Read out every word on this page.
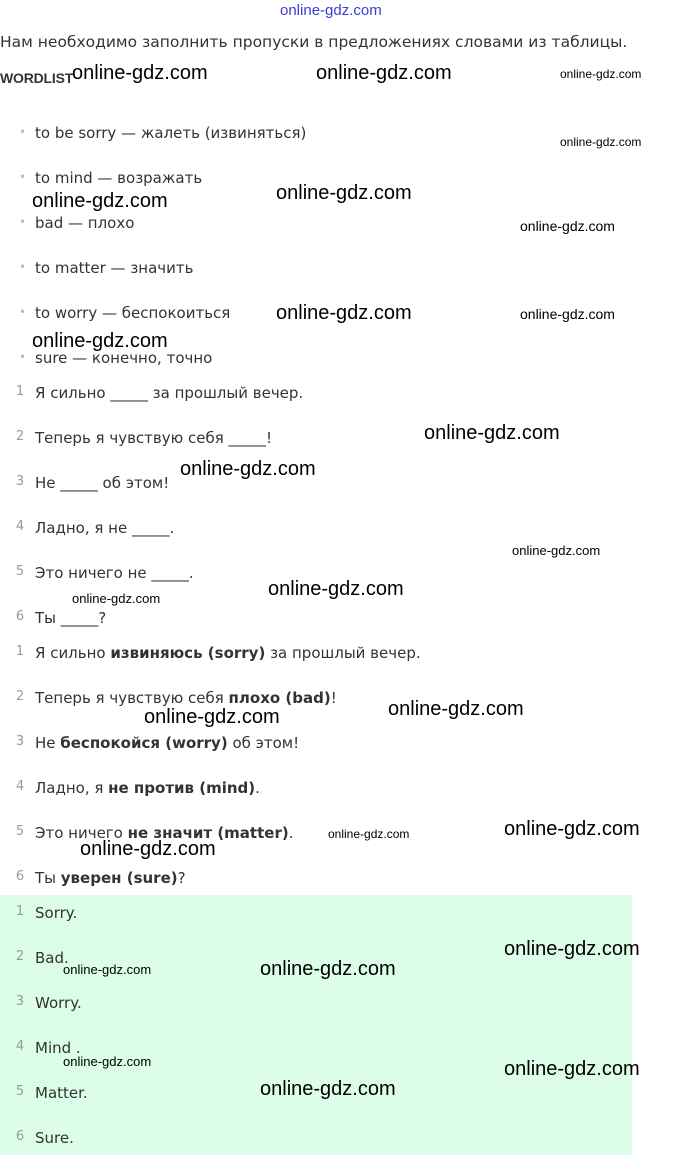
online-gdz.com
Нам необходимо заполнить пропуски в предложениях словами из таблицы.
WORDLIST
• to be sorry — жалеть (извиняться)
• to mind — возражать
• bad — плохо
• to matter — значить
• to worry — беспокоиться
• sure — конечно, точно
1 Я сильно _____ за прошлый вечер.
2 Теперь я чувствую себя _____!
3 Не _____ об этом!
4 Ладно, я не _____.
5 Это ничего не _____.
6 Ты _____?
1 Я сильно извиняюсь (sorry) за прошлый вечер.
2 Теперь я чувствую себя плохо (bad)!
3 Не беспокойся (worry) об этом!
4 Ладно, я не против (mind).
5 Это ничего не значит (matter).
6 Ты уверен (sure)?
1 Sorry.
2 Bad.
3 Worry.
4 Mind .
5 Matter.
6 Sure.
online-gdz.com	online-gdz.com	online-gdz.com
online-gdz.com
online-gdz.com
online-gdz.com
online-gdz.com
online-gdz.com	online-gdz.com
online-gdz.com
online-gdz.com
online-gdz.com
online-gdz.com
online-gdz.com
online-gdz.com
online-gdz.com
online-gdz.com
online-gdz.com
online-gdz.com
online-gdz.com
online-gdz.com
online-gdz.com
online-gdz.com
online-gdz.com	online-gdz.com
online-gdz.com
